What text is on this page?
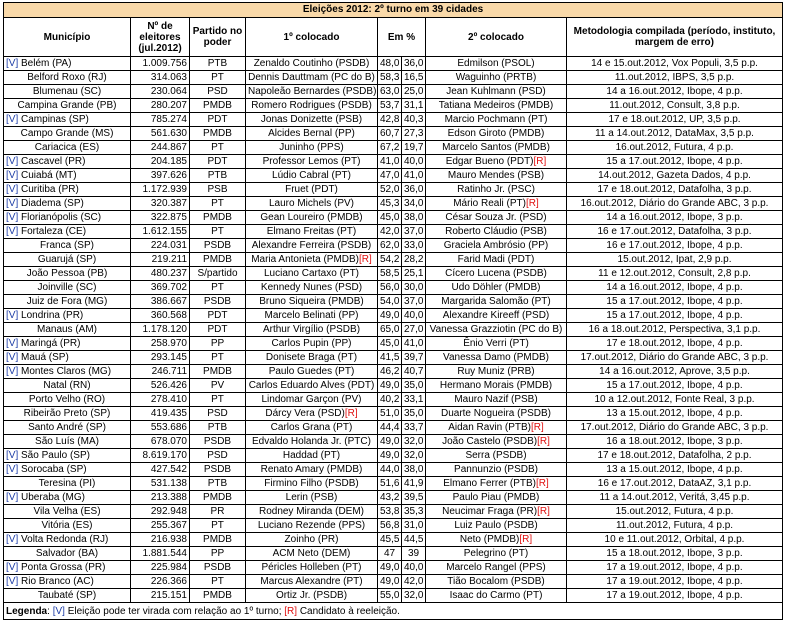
Eleições 2012: 2º turno em 39 cidades							
Município	Nº de eleitores (jul.2012)	Partido no poder	1º colocado	Em %		2º colocado	Metodologia compilada (período, instituto, margem de erro)
[V] Belém (PA)	1.009.756	PTB	Zenaldo Coutinho (PSDB)	48,0	36,0	Edmilson (PSOL)	14 e 15.out.2012, Vox Populi, 3,5 p.p.
Belford Roxo (RJ)	314.063	PT	Dennis Dauttmam (PC do B)	58,3	16,5	Waguinho (PRTB)	11.out.2012, IBPS, 3,5 p.p.
Blumenau (SC)	230.064	PSD	Napoleão Bernardes (PSDB)	63,0	25,0	Jean Kuhlmann (PSD)	14 a 16.out.2012, Ibope, 4 p.p.
Campina Grande (PB)	280.207	PMDB	Romero Rodrigues (PSDB)	53,7	31,1	Tatiana Medeiros (PMDB)	11.out.2012, Consult, 3,8 p.p.
[V] Campinas (SP)	785.274	PDT	Jonas Donizette (PSB)	42,8	40,3	Marcio Pochmann (PT)	17 e 18.out.2012, UP, 3,5 p.p.
Campo Grande (MS)	561.630	PMDB	Alcides Bernal (PP)	60,7	27,3	Edson Giroto (PMDB)	11 a 14.out.2012, DataMax, 3,5 p.p.
Cariacica (ES)	244.867	PT	Juninho (PPS)	67,2	19,7	Marcelo Santos (PMDB)	16.out.2012, Futura, 4 p.p.
[V] Cascavel (PR)	204.185	PDT	Professor Lemos (PT)	41,0	40,0	Edgar Bueno (PDT)[R]	15 a 17.out.2012, Ibope, 4 p.p.
[V] Cuiabá (MT)	397.626	PTB	Lúdio Cabral (PT)	47,0	41,0	Mauro Mendes (PSB)	14.out.2012, Gazeta Dados, 4 p.p.
[V] Curitiba (PR)	1.172.939	PSB	Fruet (PDT)	52,0	36,0	Ratinho Jr. (PSC)	17 e 18.out.2012, Datafolha, 3 p.p.
[V] Diadema (SP)	320.387	PT	Lauro Michels (PV)	45,3	34,0	Mário Reali (PT)[R]	16.out.2012, Diário do Grande ABC, 3 p.p.
[V] Florianópolis (SC)	322.875	PMDB	Gean Loureiro (PMDB)	45,0	38,0	César Souza Jr. (PSD)	14 a 16.out.2012, Ibope, 3 p.p.
[V] Fortaleza (CE)	1.612.155	PT	Elmano Freitas (PT)	42,0	37,0	Roberto Cláudio (PSB)	16 e 17.out.2012, Datafolha, 3 p.p.
Franca (SP)	224.031	PSDB	Alexandre Ferreira (PSDB)	62,0	33,0	Graciela Ambrósio (PP)	16 e 17.out.2012, Ibope, 4 p.p.
Guarujá (SP)	219.211	PMDB	Maria Antonieta (PMDB)[R]	54,2	28,2	Farid Madi (PDT)	15.out.2012, Ipat, 2,9 p.p.
João Pessoa (PB)	480.237	S/partido	Luciano Cartaxo (PT)	58,5	25,1	Cícero Lucena (PSDB)	11 e 12.out.2012, Consult, 2,8 p.p.
Joinville (SC)	369.702	PT	Kennedy Nunes (PSD)	56,0	30,0	Udo Döhler (PMDB)	14 a 16.out.2012, Ibope, 4 p.p.
Juiz de Fora (MG)	386.667	PSDB	Bruno Siqueira (PMDB)	54,0	37,0	Margarida Salomão (PT)	15 a 17.out.2012, Ibope, 4 p.p.
[V] Londrina (PR)	360.568	PDT	Marcelo Belinati (PP)	49,0	40,0	Alexandre Kireeff (PSD)	15 a 17.out.2012, Ibope, 4 p.p.
Manaus (AM)	1.178.120	PDT	Arthur Virgílio (PSDB)	65,0	27,0	Vanessa Grazziotin (PC do B)	16 a 18.out.2012, Perspectiva, 3,1 p.p.
[V] Maringá (PR)	258.970	PP	Carlos Pupin (PP)	45,0	41,0	Ênio Verri (PT)	17 e 18.out.2012, Ibope, 4 p.p.
[V] Mauá (SP)	293.145	PT	Donisete Braga (PT)	41,5	39,7	Vanessa Damo (PMDB)	17.out.2012, Diário do Grande ABC, 3 p.p.
[V] Montes Claros (MG)	246.711	PMDB	Paulo Guedes (PT)	46,2	40,7	Ruy Muniz (PRB)	14 a 16.out.2012, Aprove, 3,5 p.p.
Natal (RN)	526.426	PV	Carlos Eduardo Alves (PDT)	49,0	35,0	Hermano Morais (PMDB)	15 a 17.out.2012, Ibope, 4 p.p.
Porto Velho (RO)	278.410	PT	Lindomar Garçon (PV)	40,2	33,1	Mauro Nazif (PSB)	10 a 12.out.2012, Fonte Real, 3 p.p.
Ribeirão Preto (SP)	419.435	PSD	Dárcy Vera (PSD)[R]	51,0	35,0	Duarte Nogueira (PSDB)	13 a 15.out.2012, Ibope, 4 p.p.
Santo André (SP)	553.686	PTB	Carlos Grana (PT)	44,4	33,7	Aidan Ravin (PTB)[R]	17.out.2012, Diário do Grande ABC, 3 p.p.
São Luís (MA)	678.070	PSDB	Edvaldo Holanda Jr. (PTC)	49,0	32,0	João Castelo (PSDB)[R]	16 a 18.out.2012, Ibope, 3 p.p.
[V] São Paulo (SP)	8.619.170	PSD	Haddad (PT)	49,0	32,0	Serra (PSDB)	17 e 18.out.2012, Datafolha, 2 p.p.
[V] Sorocaba (SP)	427.542	PSDB	Renato Amary (PMDB)	44,0	38,0	Pannunzio (PSDB)	13 a 15.out.2012, Ibope, 4 p.p.
Teresina (PI)	531.138	PTB	Firmino Filho (PSDB)	51,6	41,9	Elmano Ferrer (PTB)[R]	16 e 17.out.2012, DataAZ, 3,1 p.p.
[V] Uberaba (MG)	213.388	PMDB	Lerin (PSB)	43,2	39,5	Paulo Piau (PMDB)	11 a 14.out.2012, Veritá, 3,45 p.p.
Vila Velha (ES)	292.948	PR	Rodney Miranda (DEM)	53,8	35,3	Neucimar Fraga (PR)[R]	15.out.2012, Futura, 4 p.p.
Vitória (ES)	255.367	PT	Luciano Rezende (PPS)	56,8	31,0	Luiz Paulo (PSDB)	11.out.2012, Futura, 4 p.p.
[V] Volta Redonda (RJ)	216.938	PMDB	Zoinho (PR)	45,5	44,5	Neto (PMDB)[R]	10 e 11.out.2012, Orbital, 4 p.p.
Salvador (BA)	1.881.544	PP	ACM Neto (DEM)	47	39	Pelegrino (PT)	15 a 18.out.2012, Ibope, 3 p.p.
[V] Ponta Grossa (PR)	225.984	PSDB	Péricles Holleben (PT)	49,0	40,0	Marcelo Rangel (PPS)	17 a 19.out.2012, Ibope, 4 p.p.
[V] Rio Branco (AC)	226.366	PT	Marcus Alexandre (PT)	49,0	42,0	Tião Bocalom (PSDB)	17 a 19.out.2012, Ibope, 4 p.p.
Taubaté (SP)	215.151	PMDB	Ortiz Jr. (PSDB)	55,0	32,0	Isaac do Carmo (PT)	17 a 19.out.2012, Ibope, 4 p.p.
Legenda: [V] Eleição pode ter virada com relação ao 1º turno; [R] Candidato à reeleição.							
